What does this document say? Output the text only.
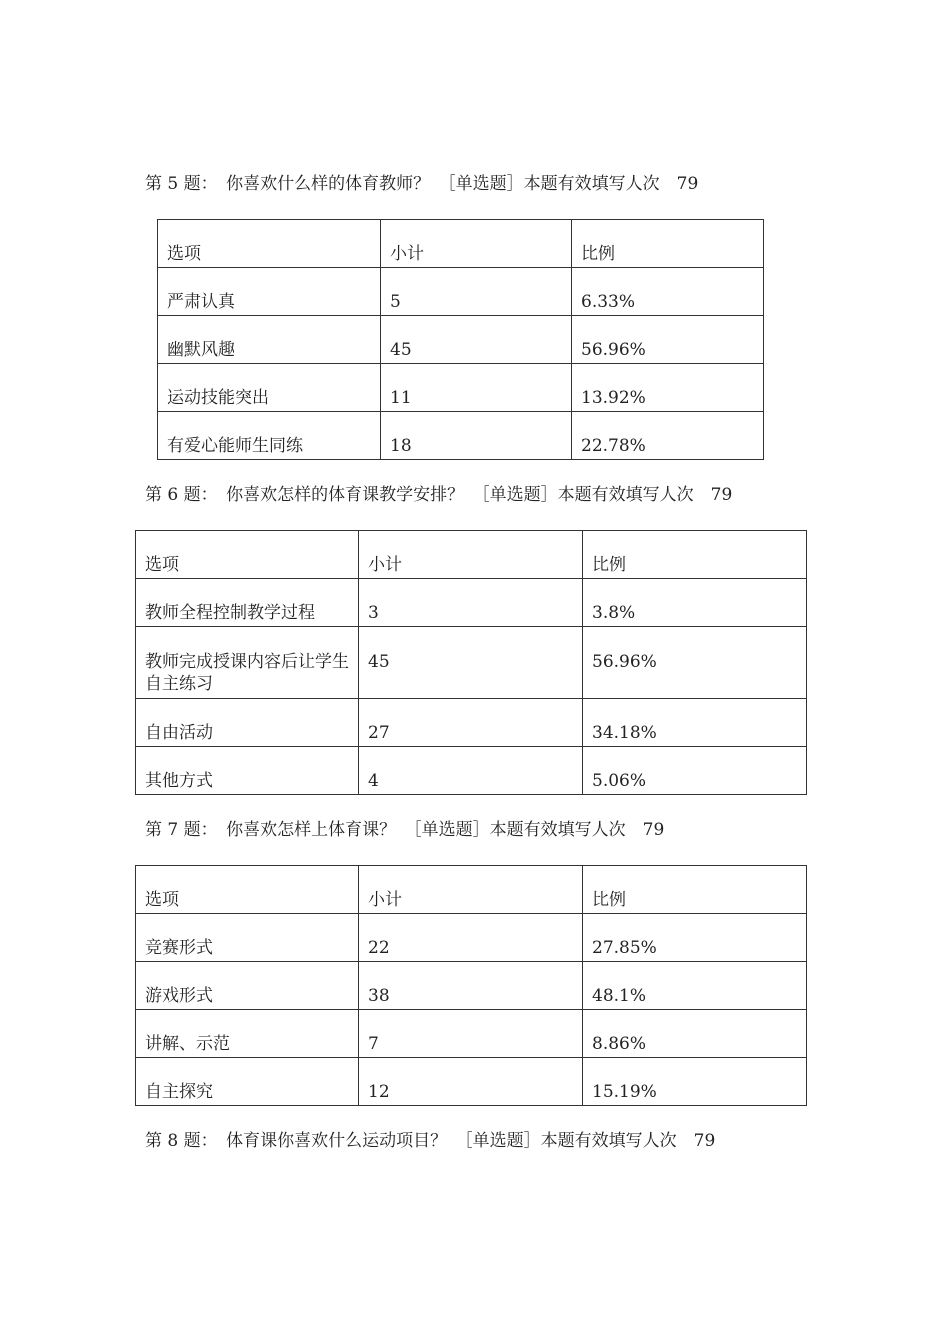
第 5 题：　你喜欢什么样的体育教师？　［单选题］本题有效填写人次　79
选项	小计	比例
严肃认真	5	6.33%
幽默风趣	45	56.96%
运动技能突出	11	13.92%
有爱心能师生同练	18	22.78%
第 6 题：　你喜欢怎样的体育课教学安排？　［单选题］本题有效填写人次　79
选项	小计	比例
教师全程控制教学过程	3	3.8%
教师完成授课内容后让学生自主练习	45	56.96%
自由活动	27	34.18%
其他方式	4	5.06%
第 7 题：　你喜欢怎样上体育课？　［单选题］本题有效填写人次　79
选项	小计	比例
竞赛形式	22	27.85%
游戏形式	38	48.1%
讲解、示范	7	8.86%
自主探究	12	15.19%
第 8 题：　体育课你喜欢什么运动项目？　［单选题］本题有效填写人次　79
